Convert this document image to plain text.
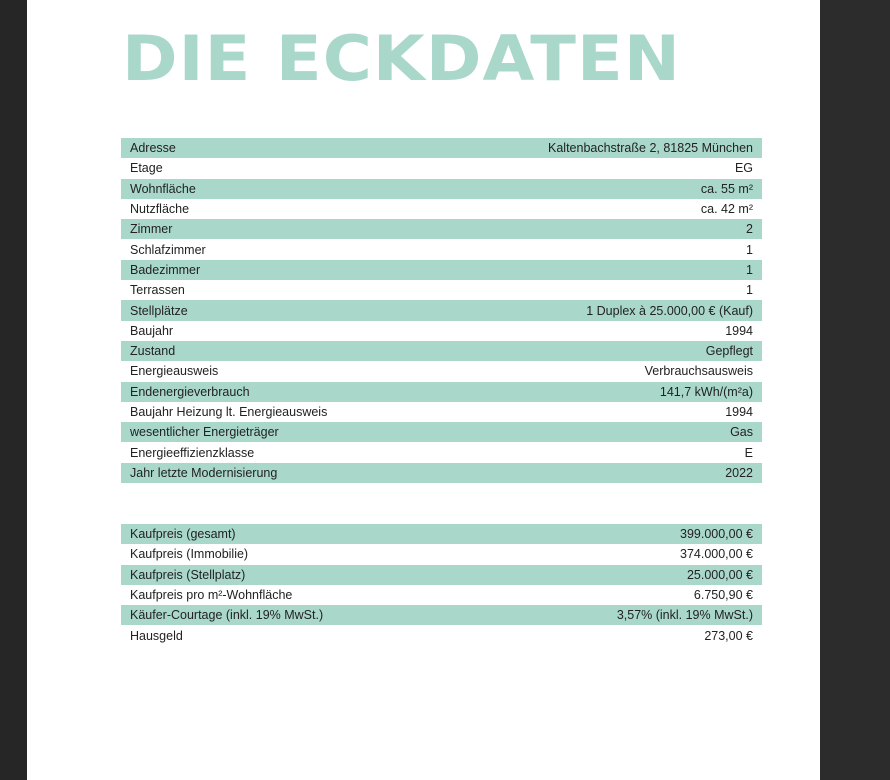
DIE ECKDATEN
Adresse	Kaltenbachstraße 2, 81825 München
Etage	EG
Wohnfläche	ca. 55 m²
Nutzfläche	ca. 42 m²
Zimmer	2
Schlafzimmer	1
Badezimmer	1
Terrassen	1
Stellplätze	1 Duplex à 25.000,00 € (Kauf)
Baujahr	1994
Zustand	Gepflegt
Energieausweis	Verbrauchsausweis
Endenergieverbrauch	141,7 kWh/(m²a)
Baujahr Heizung lt. Energieausweis	1994
wesentlicher Energieträger	Gas
Energieeffizienzklasse	E
Jahr letzte Modernisierung	2022
Kaufpreis (gesamt)	399.000,00 €
Kaufpreis (Immobilie)	374.000,00 €
Kaufpreis (Stellplatz)	25.000,00 €
Kaufpreis pro m²-Wohnfläche	6.750,90 €
Käufer-Courtage (inkl. 19% MwSt.)	3,57% (inkl. 19% MwSt.)
Hausgeld	273,00 €
